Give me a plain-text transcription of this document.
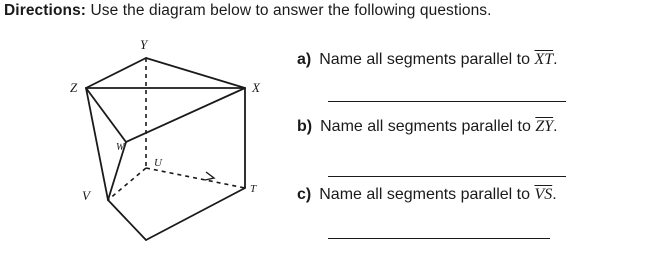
Directions: Use the diagram below to answer the following questions.
Y
Z	X
W
U
V	T
a) Name all segments parallel to $\overline{XT}$.
b) Name all segments parallel to $\overline{ZY}$.
c) Name all segments parallel to $\overline{VS}$.
